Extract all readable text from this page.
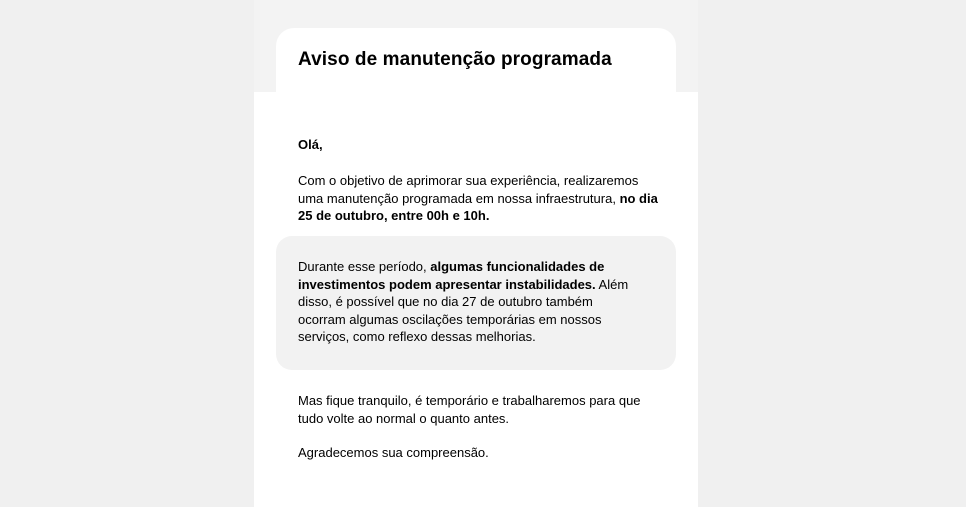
Aviso de manutenção programada

Olá,

Com o objetivo de aprimorar sua experiência, realizaremos uma manutenção programada em nossa infraestrutura, no dia 25 de outubro, entre 00h e 10h.

Durante esse período, algumas funcionalidades de investimentos podem apresentar instabilidades. Além disso, é possível que no dia 27 de outubro também ocorram algumas oscilações temporárias em nossos serviços, como reflexo dessas melhorias.

Mas fique tranquilo, é temporário e trabalharemos para que tudo volte ao normal o quanto antes.

Agradecemos sua compreensão.
